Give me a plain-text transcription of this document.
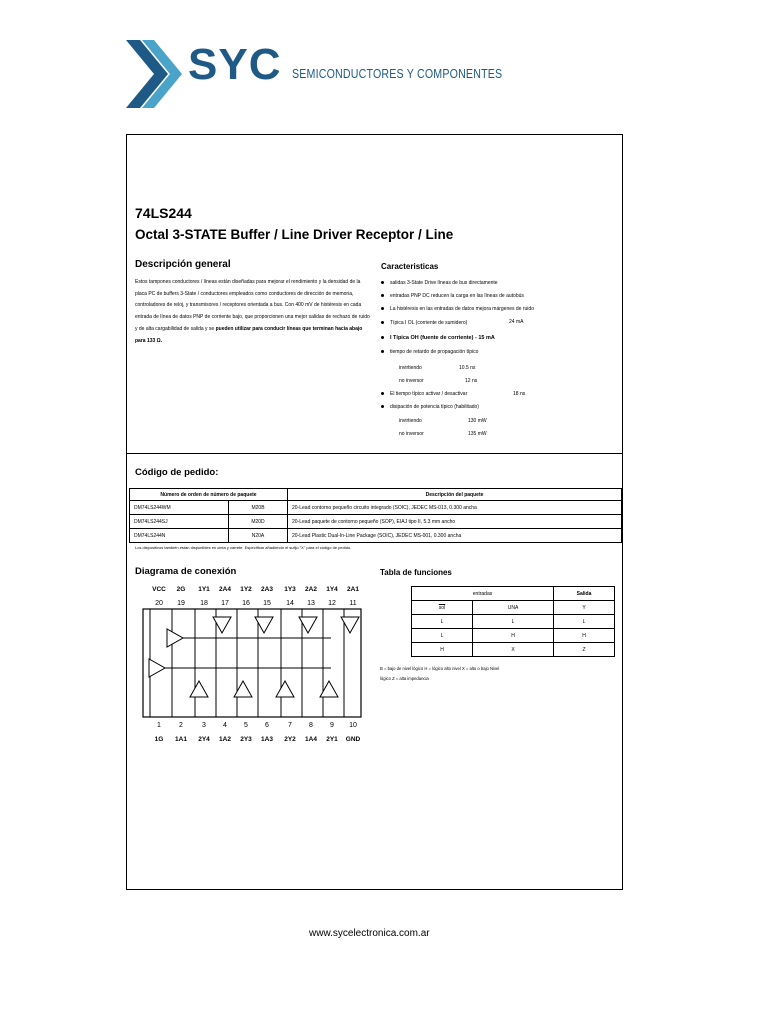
SYC SEMICONDUCTORES Y COMPONENTES
74LS244
Octal 3-STATE Buffer / Line Driver Receptor / Line
Descripción general
Estos tampones conductores / líneas están diseñadas para mejorar el rendimiento y la densidad de la placa PC de buffers 3-State / conductores empleados como conductores de dirección de memoria, controladores de reloj, y transmisores / receptores orientada a bus. Con 400 mV de histéresis en cada entrada de línea de datos PNP de corriente bajo, que proporcionen una mejor salidas de rechazo de ruido y de alta cargabilidad de salida y se pueden utilizar para conducir líneas que terminan hacia abajo para 133 Ω.
Caracteristicas
salidas 3-State Drive líneas de bus directamente
entradas PNP DC reducen la carga en las líneas de autobús
La histéresis en las entradas de datos mejora márgenes de ruido
Típica I OL (corriente de sumidero)	24 mA
I Típica OH (fuente de corriente) - 15 mA
tiempo de retardo de propagación típico
invirtiendo	10.5 ns
no inversor	12 ns
El tiempo típico activar / desactivar	18 ns
disipación de potencia típico (habilitado)
invirtiendo	130 mW
no inversor	135 mW
Código de pedido:
Número de orden de número de paquete		Descripción del paquete
DM74LS244WM	M20B	20-Lead contorno pequeño circuito integrado (SOIC), JEDEC MS-013, 0.300 ancha
DM74LS244SJ	M20D	20-Lead paquete de contorno pequeño (SOP), EIAJ tipo II, 5.3 mm ancho
DM74LS244N	N20A	20-Lead Plastic Dual-In-Line Package (SOIC), JEDEC MS-001, 0.300 ancha
Los dispositivos también están disponibles en cinta y carrete. Especificar añadiendo el sufijo "X" para el código de pedido.
Diagrama de conexión	Tabla de funciones
VCC 2G 1Y1 2A4 1Y2 2A3 1Y3 2A2 1Y4 2A1
20 19 18 17 16 15 14 13 12 11
1	2	3 4 5 6	7 8 9 10
1G 1A1 2Y4 1A2 2Y3 1A3 2Y2 1A4 2Y1 GND
entradas		Salida
$\overline{sol}$	UNA	Y
L	L	L
L	H	H
H	X	Z
B = bajo de nivel lógico H = lógico alto nivel X = alto o bajo Nivel lógico Z = alta impedancia
www.sycelectronica.com.ar
